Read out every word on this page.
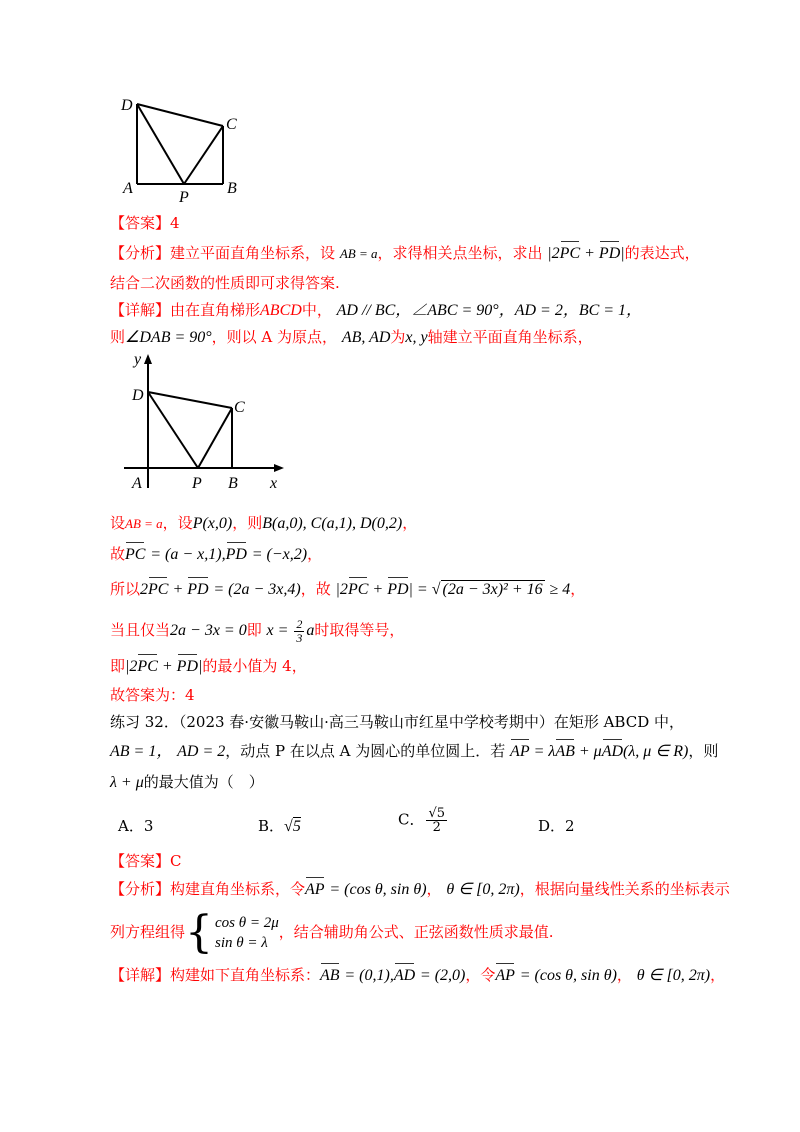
D
C
A
P
B
【答案】4
【分析】建立平面直角坐标系，设 AB = a，求得相关点坐标，求出 |2PC + PD|的表达式，
结合二次函数的性质即可求得答案.
【详解】由在直角梯形ABCD中， AD // BC，∠ABC = 90°，AD = 2，BC = 1，
则∠DAB = 90°，则以 A 为原点， AB, AD为x, y轴建立平面直角坐标系，
y
x
D
C
A	P B
设AB = a，设P(x,0)，则B(a,0), C(a,1), D(0,2)，
故PC = (a − x,1),PD = (−x,2)，
所以2PC + PD = (2a − 3x,4)，故 |2PC + PD| = √ (2a − 3x)² + 16 ≥ 4，
当且仅当2a − 3x = 0即 $x = \frac{2}{3}$ a时取得等号，
即|2PC + PD|的最小值为 4，
故答案为：4
练习 32．（2023 春·安徽马鞍山·高三马鞍山市红星中学校考期中）在矩形 ABCD 中，
AB = 1， AD = 2，动点 P 在以点 A 为圆心的单位圆上．若 AP = λAB + μAD(λ, μ ∈ R)，则
λ + μ的最大值为（　）
A．3	B．√5	C． $\frac{√5}{2}$	D．2
【答案】C
【分析】构建直角坐标系，令AP = (cos θ, sin θ)， θ ∈ [0, 2π)，根据向量线性关系的坐标表示
列方程组得 { cos θ = 2μ
sin θ = λ
，结合辅助角公式、正弦函数性质求最值.
【详解】构建如下直角坐标系：AB = (0,1),AD = (2,0)，令AP = (cos θ, sin θ)， θ ∈ [0, 2π)，
